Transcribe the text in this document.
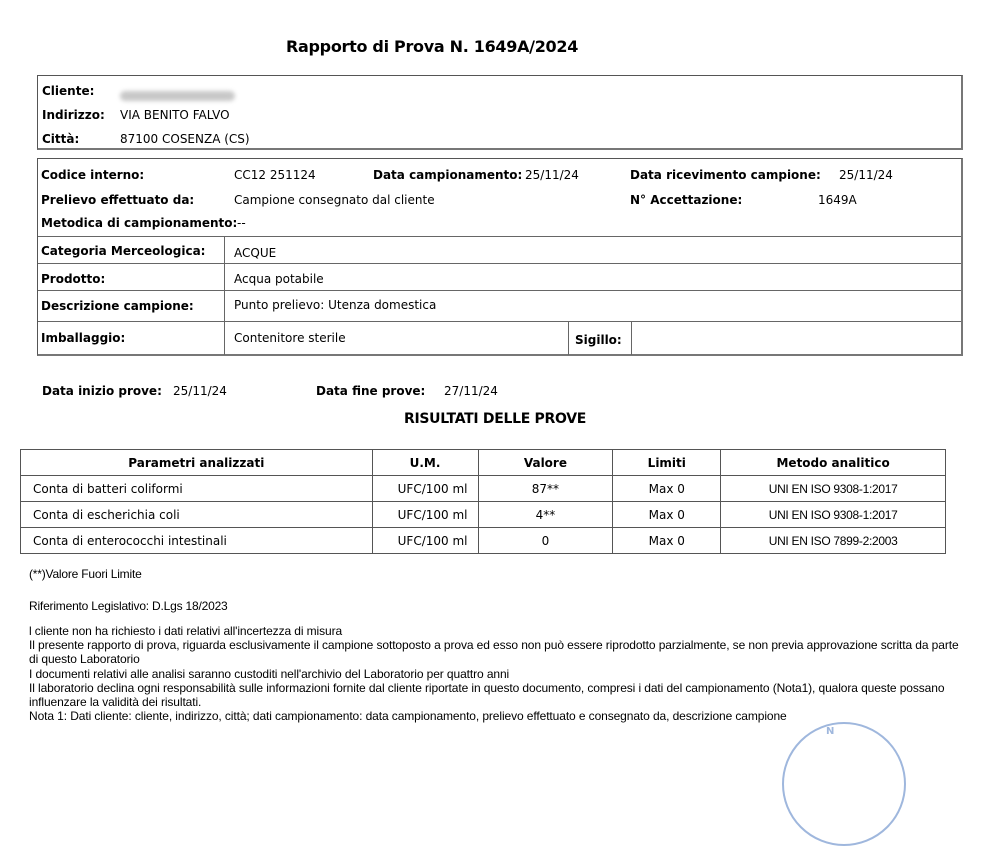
Rapporto di Prova N. 1649A/2024
Cliente:
Indirizzo: VIA BENITO FALVO
Città:	87100 COSENZA (CS)
Codice interno:	CC12 251124	Data campionamento: 25/11/24	Data ricevimento campione: 25/11/24
Prelievo effettuato da:	Campione consegnato dal cliente	N° Accettazione:	1649A
Metodica di campionamento: --
Categoria Merceologica: ACQUE
Prodotto:	Acqua potabile
Descrizione campione:	Punto prelievo: Utenza domestica
Imballaggio:	Contenitore sterile	Sigillo:
Data inizio prove: 25/11/24	Data fine prove: 27/11/24
RISULTATI DELLE PROVE
Parametri analizzati	U.M.	Valore	Limiti	Metodo analitico
Conta di batteri coliformi	UFC/100 ml	87**	Max 0	UNI EN ISO 9308-1:2017
Conta di escherichia coli	UFC/100 ml	4**	Max 0	UNI EN ISO 9308-1:2017
Conta di enterococchi intestinali	UFC/100 ml	0	Max 0	UNI EN ISO 7899-2:2003
(**)Valore Fuori Limite
Riferimento Legislativo: D.Lgs 18/2023
l cliente non ha richiesto i dati relativi all'incertezza di misura
Il presente rapporto di prova, riguarda esclusivamente il campione sottoposto a prova ed esso non può essere riprodotto parzialmente, se non previa approvazione scritta da parte di questo Laboratorio
I documenti relativi alle analisi saranno custoditi nell'archivio del Laboratorio per quattro anni
Il laboratorio declina ogni responsabilità sulle informazioni fornite dal cliente riportate in questo documento, compresi i dati del campionamento (Nota1), qualora queste possano influenzare la validità dei risultati.
Nota 1: Dati cliente: cliente, indirizzo, città; dati campionamento: data campionamento, prelievo effettuato e consegnato da, descrizione campione
N
